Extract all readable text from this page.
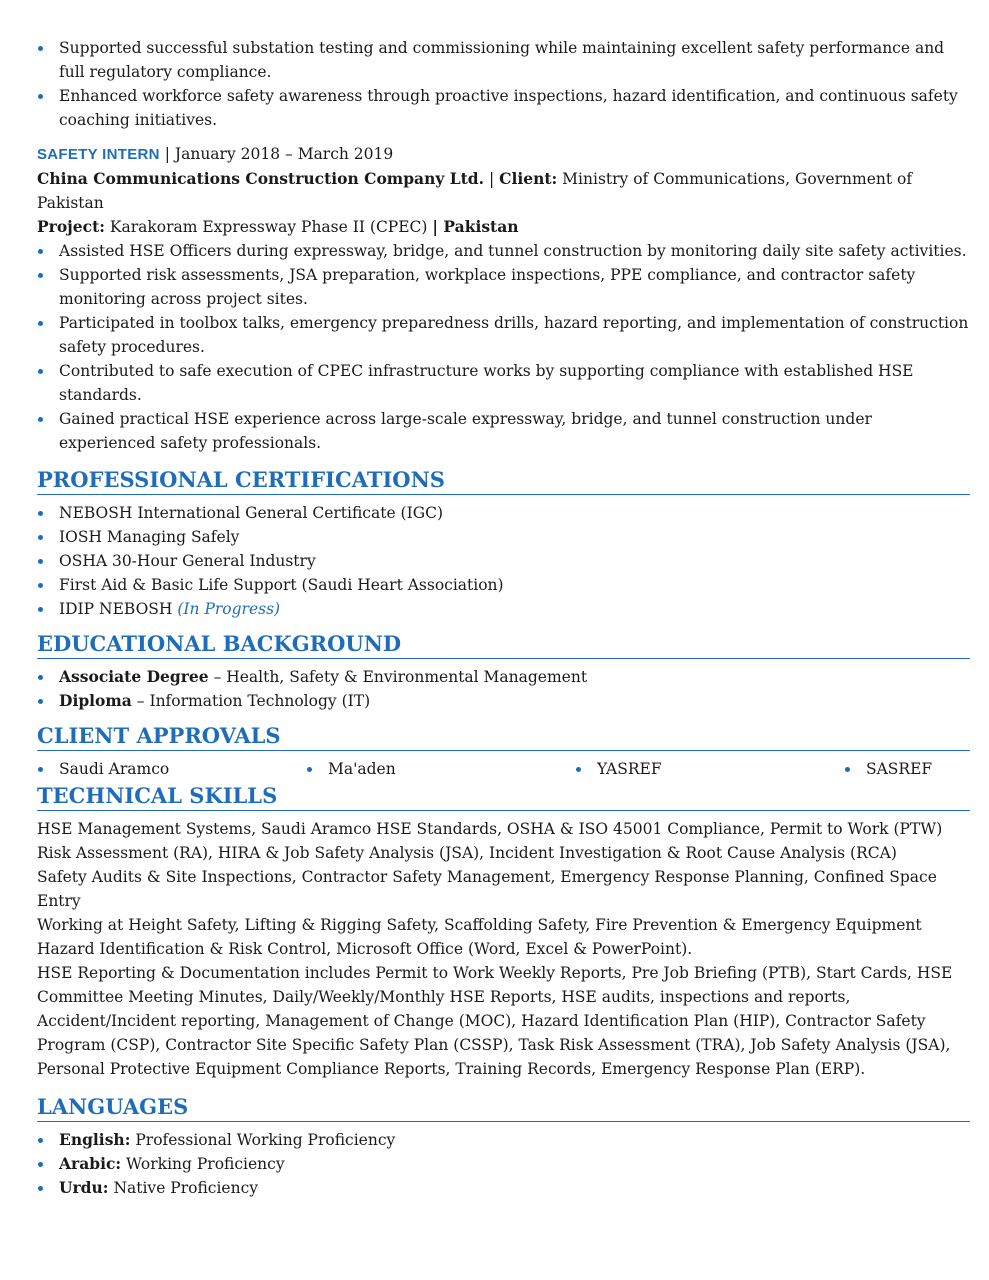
Supported successful substation testing and commissioning while maintaining excellent safety performance and full regulatory compliance.
Enhanced workforce safety awareness through proactive inspections, hazard identification, and continuous safety coaching initiatives.
SAFETY INTERN | January 2018 – March 2019
China Communications Construction Company Ltd. | Client: Ministry of Communications, Government of Pakistan
Project: Karakoram Expressway Phase II (CPEC) | Pakistan
Assisted HSE Officers during expressway, bridge, and tunnel construction by monitoring daily site safety activities.
Supported risk assessments, JSA preparation, workplace inspections, PPE compliance, and contractor safety monitoring across project sites.
Participated in toolbox talks, emergency preparedness drills, hazard reporting, and implementation of construction safety procedures.
Contributed to safe execution of CPEC infrastructure works by supporting compliance with established HSE standards.
Gained practical HSE experience across large-scale expressway, bridge, and tunnel construction under experienced safety professionals.
PROFESSIONAL CERTIFICATIONS
NEBOSH International General Certificate (IGC)
IOSH Managing Safely
OSHA 30-Hour General Industry
First Aid & Basic Life Support (Saudi Heart Association)
IDIP NEBOSH (In Progress)
EDUCATIONAL BACKGROUND
Associate Degree – Health, Safety & Environmental Management
Diploma – Information Technology (IT)
CLIENT APPROVALS
Saudi Aramco	Ma'aden	YASREF	SASREF
TECHNICAL SKILLS

HSE Management Systems, Saudi Aramco HSE Standards, OSHA & ISO 45001 Compliance, Permit to Work (PTW)

Risk Assessment (RA), HIRA & Job Safety Analysis (JSA), Incident Investigation & Root Cause Analysis (RCA)

Safety Audits & Site Inspections, Contractor Safety Management, Emergency Response Planning, Confined Space Entry

Working at Height Safety, Lifting & Rigging Safety, Scaffolding Safety, Fire Prevention & Emergency Equipment

Hazard Identification & Risk Control, Microsoft Office (Word, Excel & PowerPoint).

HSE Reporting & Documentation includes Permit to Work Weekly Reports, Pre Job Briefing (PTB), Start Cards, HSE Committee Meeting Minutes, Daily/Weekly/Monthly HSE Reports, HSE audits, inspections and reports, Accident/Incident reporting, Management of Change (MOC), Hazard Identification Plan (HIP), Contractor Safety Program (CSP), Contractor Site Specific Safety Plan (CSSP), Task Risk Assessment (TRA), Job Safety Analysis (JSA), Personal Protective Equipment Compliance Reports, Training Records, Emergency Response Plan (ERP).

LANGUAGES
English: Professional Working Proficiency
Arabic: Working Proficiency
Urdu: Native Proficiency
